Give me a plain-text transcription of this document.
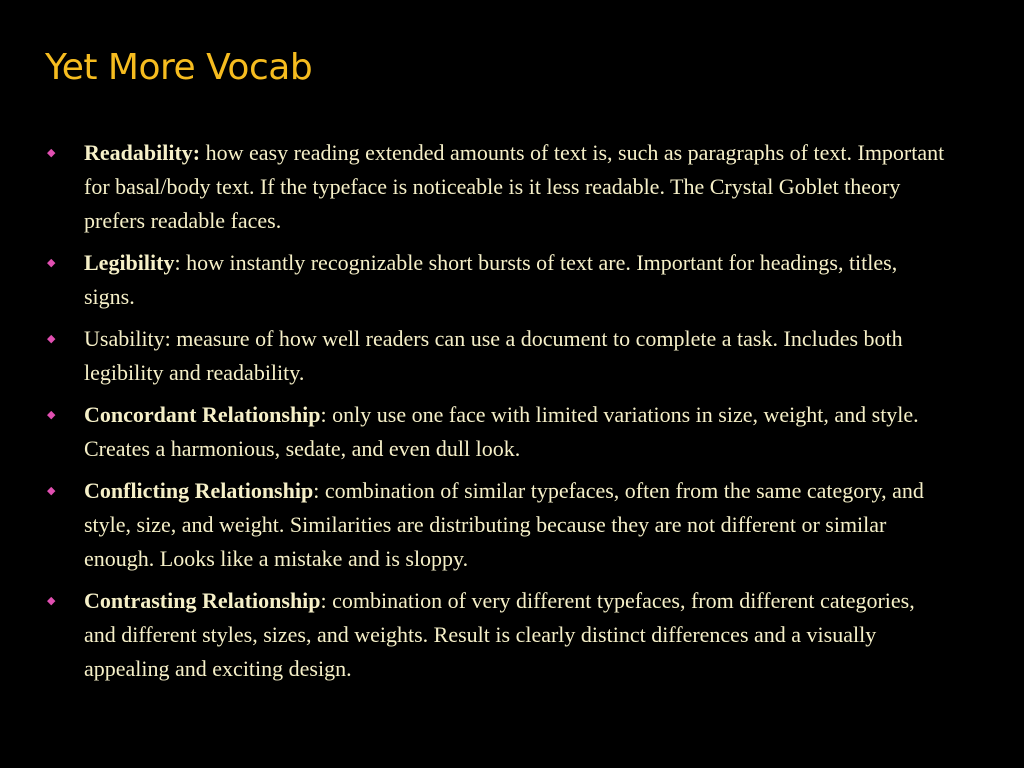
Yet More Vocab
◆ Readability: how easy reading extended amounts of text is, such as paragraphs of text. Important for basal/body text. If the typeface is noticeable is it less readable. The Crystal Goblet theory prefers readable faces.
◆ Legibility: how instantly recognizable short bursts of text are. Important for headings, titles, signs.
◆ Usability: measure of how well readers can use a document to complete a task. Includes both legibility and readability.
◆ Concordant Relationship: only use one face with limited variations in size, weight, and style. Creates a harmonious, sedate, and even dull look.
◆ Conflicting Relationship: combination of similar typefaces, often from the same category, and style, size, and weight. Similarities are distributing because they are not different or similar enough. Looks like a mistake and is sloppy.
◆ Contrasting Relationship: combination of very different typefaces, from different categories, and different styles, sizes, and weights. Result is clearly distinct differences and a visually appealing and exciting design.
